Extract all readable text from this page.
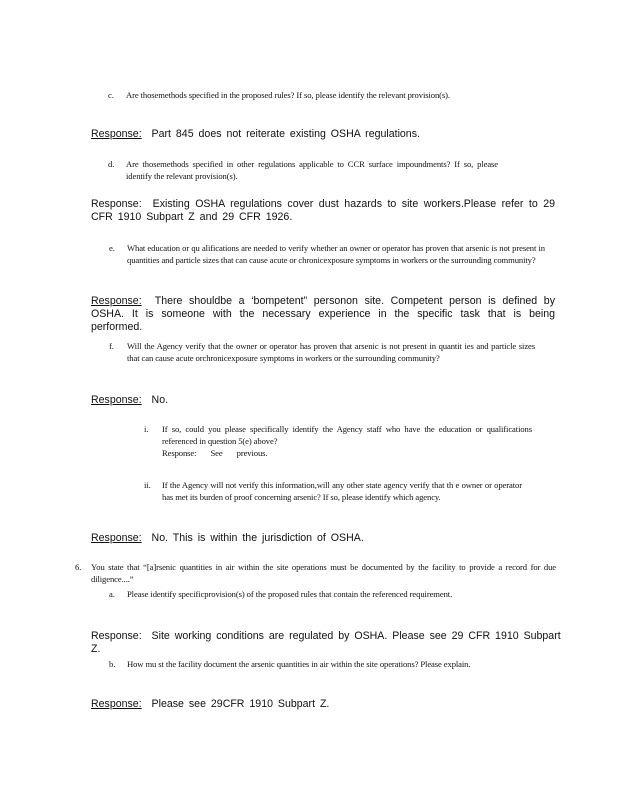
c. Are thosemethods specified in the proposed rules? If so, please identify the relevant provision(s).
Response: Part 845 does not reiterate existing OSHA regulations.
d. Are thosemethods specified in other regulations applicable to CCR surface impoundments? If so, please identify the relevant provision(s).
Response: Existing OSHA regulations cover dust hazards to site workers.Please refer to 29 CFR 1910 Subpart Z and 29 CFR 1926.
e. What education or qu alifications are needed to verify whether an owner or operator has proven that arsenic is not present in quantities and particle sizes that can cause acute or chronicexposure symptoms in workers or the surrounding community?
Response: There shouldbe a ‘bompetent” personon site. Competent person is defined by OSHA. It is someone with the necessary experience in the specific task that is being performed.
f. Will the Agency verify that the owner or operator has proven that arsenic is not present in quantit ies and particle sizes that can cause acute orchronicexposure symptoms in workers or the surrounding community?
Response: No.
i. If so, could you please specifically identify the Agency staff who have the education or qualifications referenced in question 5(e) above?
Response: See previous.
ii. If the Agency will not verify this information,will any other state agency verify that th e owner or operator has met its burden of proof concerning arsenic? If so, please identify which agency.
Response: No. This is within the jurisdiction of OSHA.
6. You state that “[a]rsenic quantities in air within the site operations must be documented by the facility to provide a record for due diligence....”
a. Please identify specificprovision(s) of the proposed rules that contain the referenced requirement.
Response: Site working conditions are regulated by OSHA. Please see 29 CFR 1910 Subpart Z.
b. How mu st the facility document the arsenic quantities in air within the site operations? Please explain.
Response: Please see 29CFR 1910 Subpart Z.
